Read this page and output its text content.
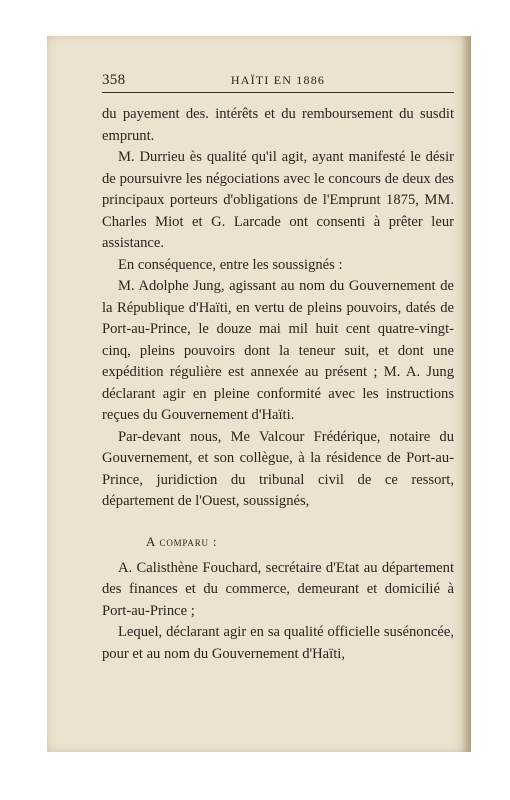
358	HAÏTI EN 1886

du payement des. intérêts et du remboursement du susdit emprunt.

M. Durrieu ès qualité qu'il agit, ayant manifesté le désir de poursuivre les négociations avec le concours de deux des principaux porteurs d'obligations de l'Emprunt 1875, MM. Charles Miot et G. Larcade ont consenti à prêter leur assistance.

En conséquence, entre les soussignés :

M. Adolphe Jung, agissant au nom du Gouvernement de la République d'Haïti, en vertu de pleins pouvoirs, datés de Port-au-Prince, le douze mai mil huit cent quatre-vingt-cinq, pleins pouvoirs dont la teneur suit, et dont une expédition régulière est annexée au présent ; M. A. Jung déclarant agir en pleine conformité avec les instructions reçues du Gouvernement d'Haïti.

Par-devant nous, Me Valcour Frédérique, notaire du Gouvernement, et son collègue, à la résidence de Port-au-Prince, juridiction du tribunal civil de ce ressort, département de l'Ouest, soussignés,

A comparu :

A. Calisthène Fouchard, secrétaire d'Etat au département des finances et du commerce, demeurant et domicilié à Port-au-Prince ;

Lequel, déclarant agir en sa qualité officielle susénoncée, pour et au nom du Gouvernement d'Haïti,
